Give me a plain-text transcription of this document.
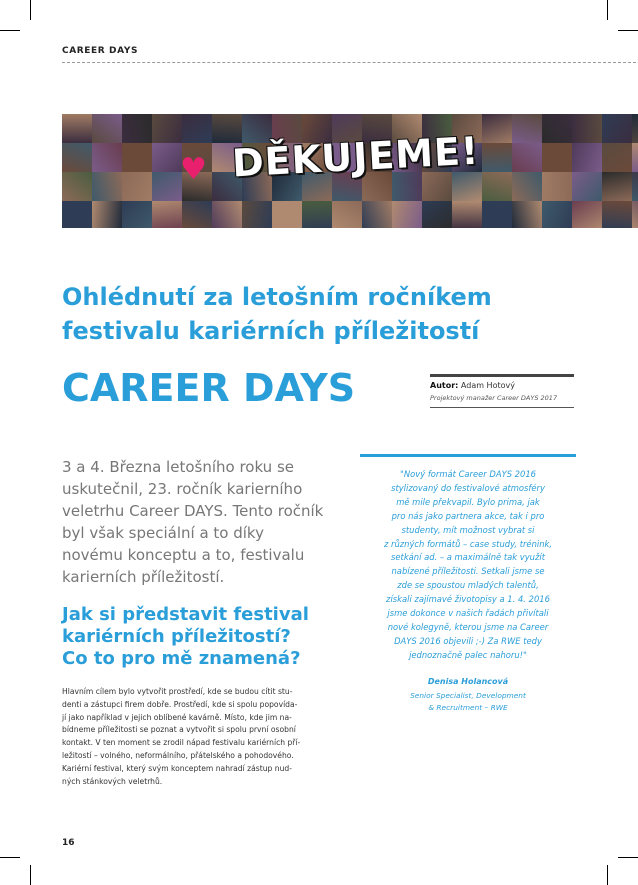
CAREER DAYS
♥ DĚKUJEME!
Ohlédnutí za letošním ročníkem
festivalu kariérních příležitostí
CAREER DAYS	Autor: Adam Hotový
Projektový manažer Career DAYS 2017
3 a 4. Března letošního roku se uskutečnil, 23. ročník karierního veletrhu Career DAYS. Tento ročník byl však speciální a to díky novému konceptu a to, festivalu karierních příležitostí.
Jak si představit festival
kariérních příležitostí?
Co to pro mě znamená?
Hlavním cílem bylo vytvořit prostředí, kde se budou cítit stu-
denti a zástupci firem dobře. Prostředí, kde si spolu popovída-
jí jako například v jejich oblíbené kavárně. Místo, kde jim na-
bídneme příležitosti se poznat a vytvořit si spolu první osobní
kontakt. V ten moment se zrodil nápad festivalu kariérních pří-
ležitostí – volného, neformálního, přátelského a pohodového.
Kariérní festival, který svým konceptem nahradí zástup nud-
ných stánkových veletrhů.
"Nový formát Career DAYS 2016
stylizovaný do festivalové atmosféry
mě mile překvapil. Bylo prima, jak
pro nás jako partnera akce, tak i pro
studenty, mít možnost vybrat si
z různých formátů – case study, trénink,
setkání ad. – a maximálně tak využít
nabízené příležitosti. Setkali jsme se
zde se spoustou mladých talentů,
získali zajímavé životopisy a 1. 4. 2016
jsme dokonce v našich řadách přivítali
nové kolegyně, kterou jsme na Career
DAYS 2016 objevili ;-) Za RWE tedy
jednoznačně palec nahoru!"
Denisa Holancová
Senior Specialist, Development
& Recruitment – RWE
16
